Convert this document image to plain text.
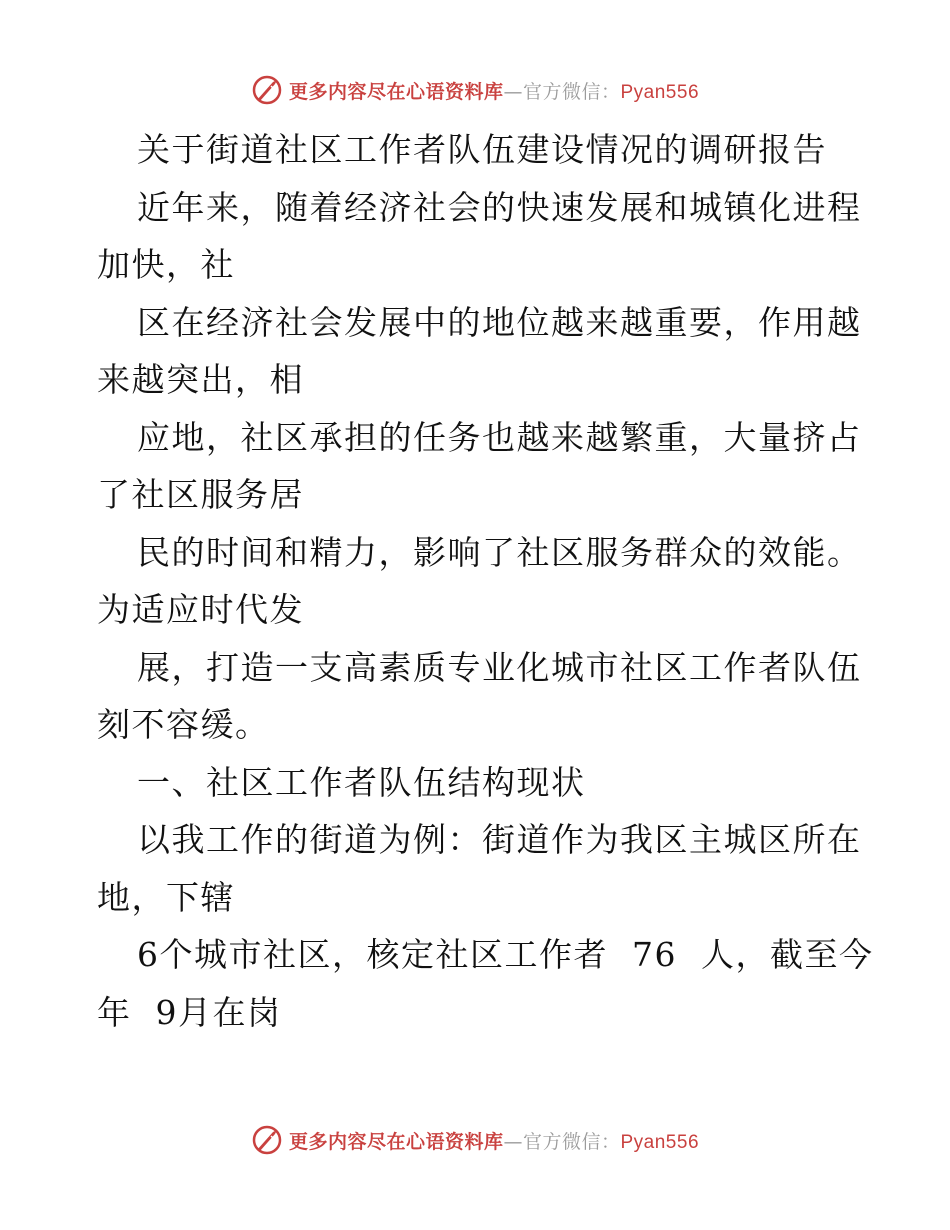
更多内容尽在心语资料库—官方微信：Pyan556
关于街道社区工作者队伍建设情况的调研报告
近年来，随着经济社会的快速发展和城镇化进程
加快，社
区在经济社会发展中的地位越来越重要，作用越
来越突出，相
应地，社区承担的任务也越来越繁重，大量挤占
了社区服务居
民的时间和精力，影响了社区服务群众的效能。
为适应时代发
展，打造一支高素质专业化城市社区工作者队伍
刻不容缓。
一、社区工作者队伍结构现状
以我工作的街道为例：街道作为我区主城区所在
地，下辖
6个城市社区，核定社区工作者  76  人，截至今
年  9月在岗
更多内容尽在心语资料库—官方微信：Pyan556
